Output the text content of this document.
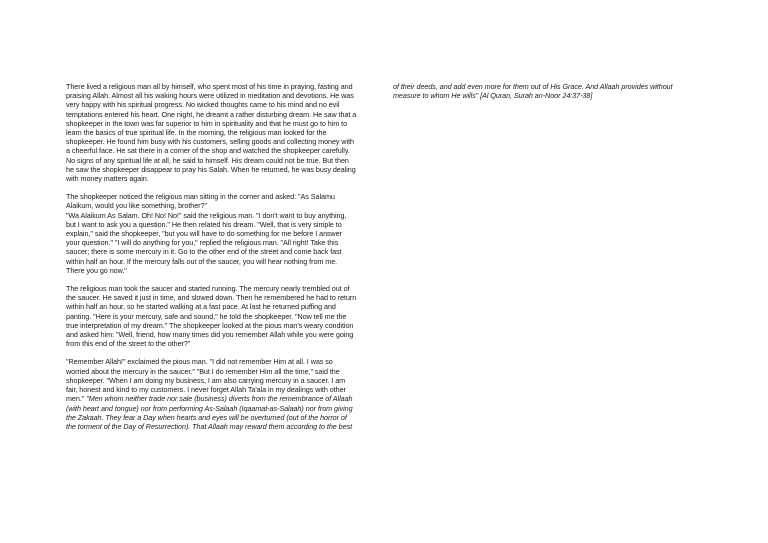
There lived a religious man all by himself, who spent most of his time in praying, fasting and
praising Allah. Almost all his waking hours were utilized in meditation and devotions. He was
very happy with his spiritual progress. No wicked thoughts came to his mind and no evil
temptations entered his heart. One night, he dreamt a rather disturbing dream. He saw that a
shopkeeper in the town was far superior to him in spirituality and that he must go to him to
learn the basics of true spiritual life. In the morning, the religious man looked for the
shopkeeper. He found him busy with his customers, selling goods and collecting money with
a cheerful face. He sat there in a corner of the shop and watched the shopkeeper carefully.
No signs of any spiritual life at all, he said to himself. His dream could not be true. But then
he saw the shopkeeper disappear to pray his Salah. When he returned, he was busy dealing
with money matters again.

The shopkeeper noticed the religious man sitting in the corner and asked: "As Salamu
Alaikum, would you like something, brother?"
"Wa Alaikum As Salam. Oh! No! No!" said the religious man. "I don't want to buy anything,
but I want to ask you a question." He then related his dream. "Well, that is very simple to
explain," said the shopkeeper, "but you will have to do something for me before I answer
your question." "I will do anything for you," replied the religious man. "All right! Take this
saucer; there is some mercury in it. Go to the other end of the street and come back fast
within half an hour. If the mercury falls out of the saucer, you will hear nothing from me.
There you go now."

The religious man took the saucer and started running. The mercury nearly trembled out of
the saucer. He saved it just in time, and slowed down. Then he remembered he had to return
within half an hour, so he started walking at a fast pace. At last he returned puffing and
panting. "Here is your mercury, safe and sound," he told the shopkeeper. "Now tell me the
true interpretation of my dream." The shopkeeper looked at the pious man's weary condition
and asked him: "Well, friend, how many times did you remember Allah while you were going
from this end of the street to the other?"

"Remember Allah!" exclaimed the pious man. "I did not remember Him at all. I was so
worried about the mercury in the saucer." "But I do remember Him all the time," said the
shopkeeper. "When I am doing my business, I am also carrying mercury in a saucer. I am
fair, honest and kind to my customers. I never forget Allah Ta'ala in my dealings with other
men." "Men whom neither trade nor sale (business) diverts from the remembrance of Allaah
(with heart and tongue) nor from performing As-Salaah (Iqaamat-as-Salaah) nor from giving
the Zakaah. They fear a Day when hearts and eyes will be overturned (out of the horror of
the torment of the Day of Resurrection). That Allaah may reward them according to the best

of their deeds, and add even more for them out of His Grace. And Allaah provides without
measure to whom He wills" [Al Quran, Surah an-Noor 24:37-38]
